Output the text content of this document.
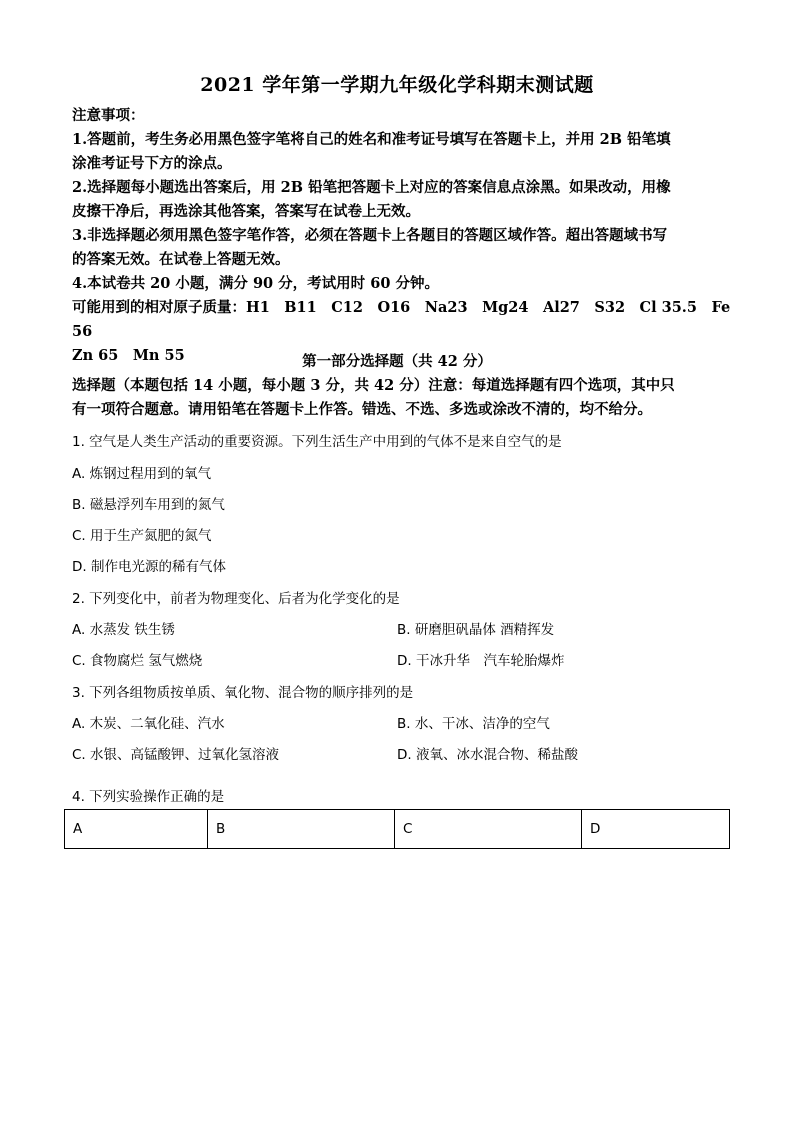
2021 学年第一学期九年级化学科期末测试题

注意事项：

1.答题前，考生务必用黑色签字笔将自己的姓名和准考证号填写在答题卡上，并用 2B 铅笔填

涂准考证号下方的涂点。

2.选择题每小题选出答案后，用 2B 铅笔把答题卡上对应的答案信息点涂黑。如果改动，用橡

皮擦干净后，再选涂其他答案，答案写在试卷上无效。

3.非选择题必须用黑色签字笔作答，必须在答题卡上各题目的答题区域作答。超出答题域书写

的答案无效。在试卷上答题无效。

4.本试卷共 20 小题，满分 90 分，考试用时 60 分钟。

可能用到的相对原子质量：H1　B11　C12　O16　Na23　Mg24　Al27　S32　Cl 35.5　Fe 56

Zn 65　Mn 55	第一部分选择题（共 42 分）
选择题（本题包括 14 小题，每小题 3 分，共 42 分）注意：每道选择题有四个选项，其中只
有一项符合题意。请用铅笔在答题卡上作答。错选、不选、多选或涂改不清的，均不给分。
1. 空气是人类生产活动的重要资源。下列生活生产中用到的气体不是来自空气的是
A. 炼钢过程用到的氧气
B. 磁悬浮列车用到的氮气
C. 用于生产氮肥的氮气
D. 制作电光源的稀有气体
2. 下列变化中，前者为物理变化、后者为化学变化的是
A. 水蒸发 铁生锈	B. 研磨胆矾晶体 酒精挥发
C. 食物腐烂 氢气燃烧	D. 干冰升华　汽车轮胎爆炸
3. 下列各组物质按单质、氧化物、混合物的顺序排列的是
A. 木炭、二氧化硅、汽水	B. 水、干冰、洁净的空气
C. 水银、高锰酸钾、过氧化氢溶液	D. 液氧、冰水混合物、稀盐酸
4. 下列实验操作正确的是
A	B	C	D
